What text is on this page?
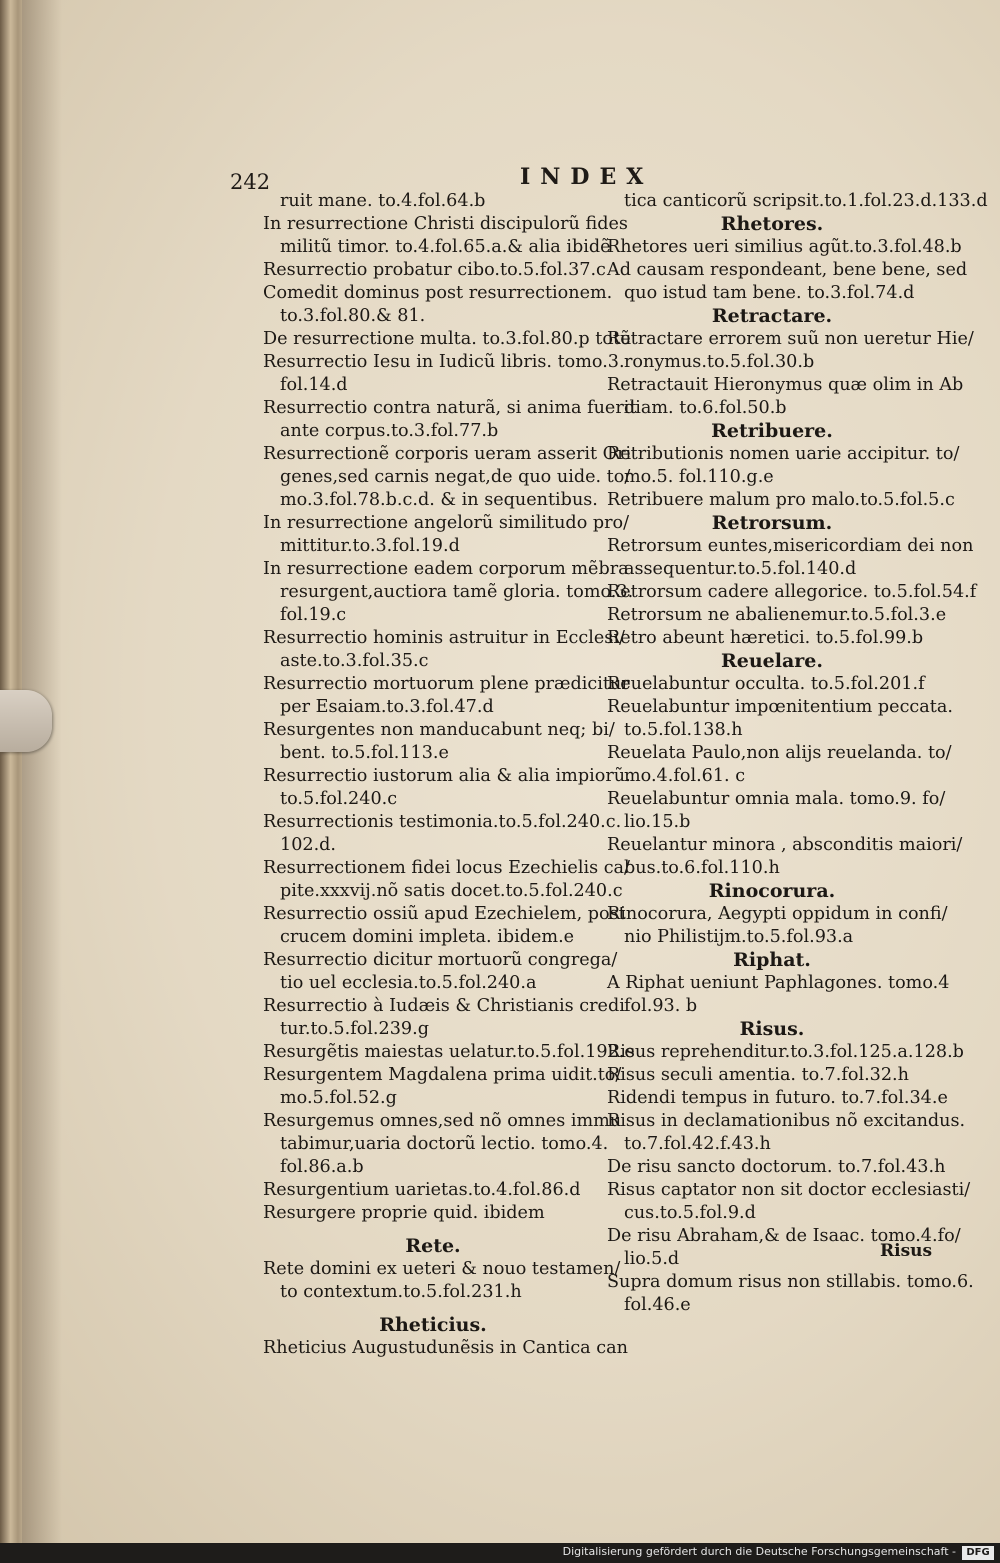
242	INDEX
ruit mane. to.4.fol.64.b
In resurrectione Christi discipulorũ fides
militũ timor. to.4.fol.65.a.& alia ibidẽ
Resurrectio probatur cibo.to.5.fol.37.c
Comedit dominus post resurrectionem.
to.3.fol.80.& 81.
De resurrectione multa. to.3.fol.80.p totũ
Resurrectio Iesu in Iudicũ libris. tomo.3.
fol.14.d
Resurrectio contra naturã, si anima fuerit
ante corpus.to.3.fol.77.b
Resurrectionẽ corporis ueram asserit Ori
genes,sed carnis negat,de quo uide. to/
mo.3.fol.78.b.c.d. & in sequentibus.
In resurrectione angelorũ similitudo pro/
mittitur.to.3.fol.19.d
In resurrectione eadem corporum mẽbra
resurgent,auctiora tamẽ gloria. tomo.3.
fol.19.c
Resurrectio hominis astruitur in Ecclesi/
aste.to.3.fol.35.c
Resurrectio mortuorum plene prædicitur
per Esaiam.to.3.fol.47.d
Resurgentes non manducabunt neq; bi/
bent. to.5.fol.113.e
Resurrectio iustorum alia & alia impiorũ.
to.5.fol.240.c
Resurrectionis testimonia.to.5.fol.240.c.
102.d.
Resurrectionem fidei locus Ezechielis ca/
pite.xxxvij.nõ satis docet.to.5.fol.240.c
Resurrectio ossiũ apud Ezechielem, post
crucem domini impleta. ibidem.e
Resurrectio dicitur mortuorũ congrega/
tio uel ecclesia.to.5.fol.240.a
Resurrectio à Iudæis & Christianis credi
tur.to.5.fol.239.g
Resurgẽtis maiestas uelatur.to.5.fol.192.e
Resurgentem Magdalena prima uidit.to/
mo.5.fol.52.g
Resurgemus omnes,sed nõ omnes immu
tabimur,uaria doctorũ lectio. tomo.4.
fol.86.a.b
Resurgentium uarietas.to.4.fol.86.d
Resurgere proprie quid. ibidem
Rete.
Rete domini ex ueteri & nouo testamen/
to contextum.to.5.fol.231.h
Rheticius.
Rheticius Augustudunẽsis in Cantica can
tica canticorũ scripsit.to.1.fol.23.d.133.d
Rhetores.
Rhetores ueri similius agũt.to.3.fol.48.b
Ad causam respondeant, bene bene, sed
quo istud tam bene. to.3.fol.74.d
Retractare.
Retractare errorem suũ non ueretur Hie/
ronymus.to.5.fol.30.b
Retractauit Hieronymus quæ olim in Ab
diam. to.6.fol.50.b
Retribuere.
Retributionis nomen uarie accipitur. to/
mo.5. fol.110.g.e
Retribuere malum pro malo.to.5.fol.5.c
Retrorsum.
Retrorsum euntes,misericordiam dei non
assequentur.to.5.fol.140.d
Retrorsum cadere allegorice. to.5.fol.54.f
Retrorsum ne abalienemur.to.5.fol.3.e
Retro abeunt hæretici. to.5.fol.99.b
Reuelare.
Reuelabuntur occulta. to.5.fol.201.f
Reuelabuntur impœnitentium peccata.
to.5.fol.138.h
Reuelata Paulo,non alijs reuelanda. to/
mo.4.fol.61. c
Reuelabuntur omnia mala. tomo.9. fo/
lio.15.b
Reuelantur minora , absconditis maiori/
bus.to.6.fol.110.h
Rinocorura.
Rinocorura, Aegypti oppidum in confi/
nio Philistijm.to.5.fol.93.a
Riphat.
A Riphat ueniunt Paphlagones. tomo.4
fol.93. b
Risus.
Risus reprehenditur.to.3.fol.125.a.128.b
Risus seculi amentia. to.7.fol.32.h
Ridendi tempus in futuro. to.7.fol.34.e
Risus in declamationibus nõ excitandus.
to.7.fol.42.f.43.h
De risu sancto doctorum. to.7.fol.43.h
Risus captator non sit doctor ecclesiasti/
cus.to.5.fol.9.d
De risu Abraham,& de Isaac. tomo.4.fo/
lio.5.d
Supra domum risus non stillabis. tomo.6.
fol.46.e
Risus
Digitalisierung gefördert durch die Deutsche Forschungsgemeinschaft -	DFG
